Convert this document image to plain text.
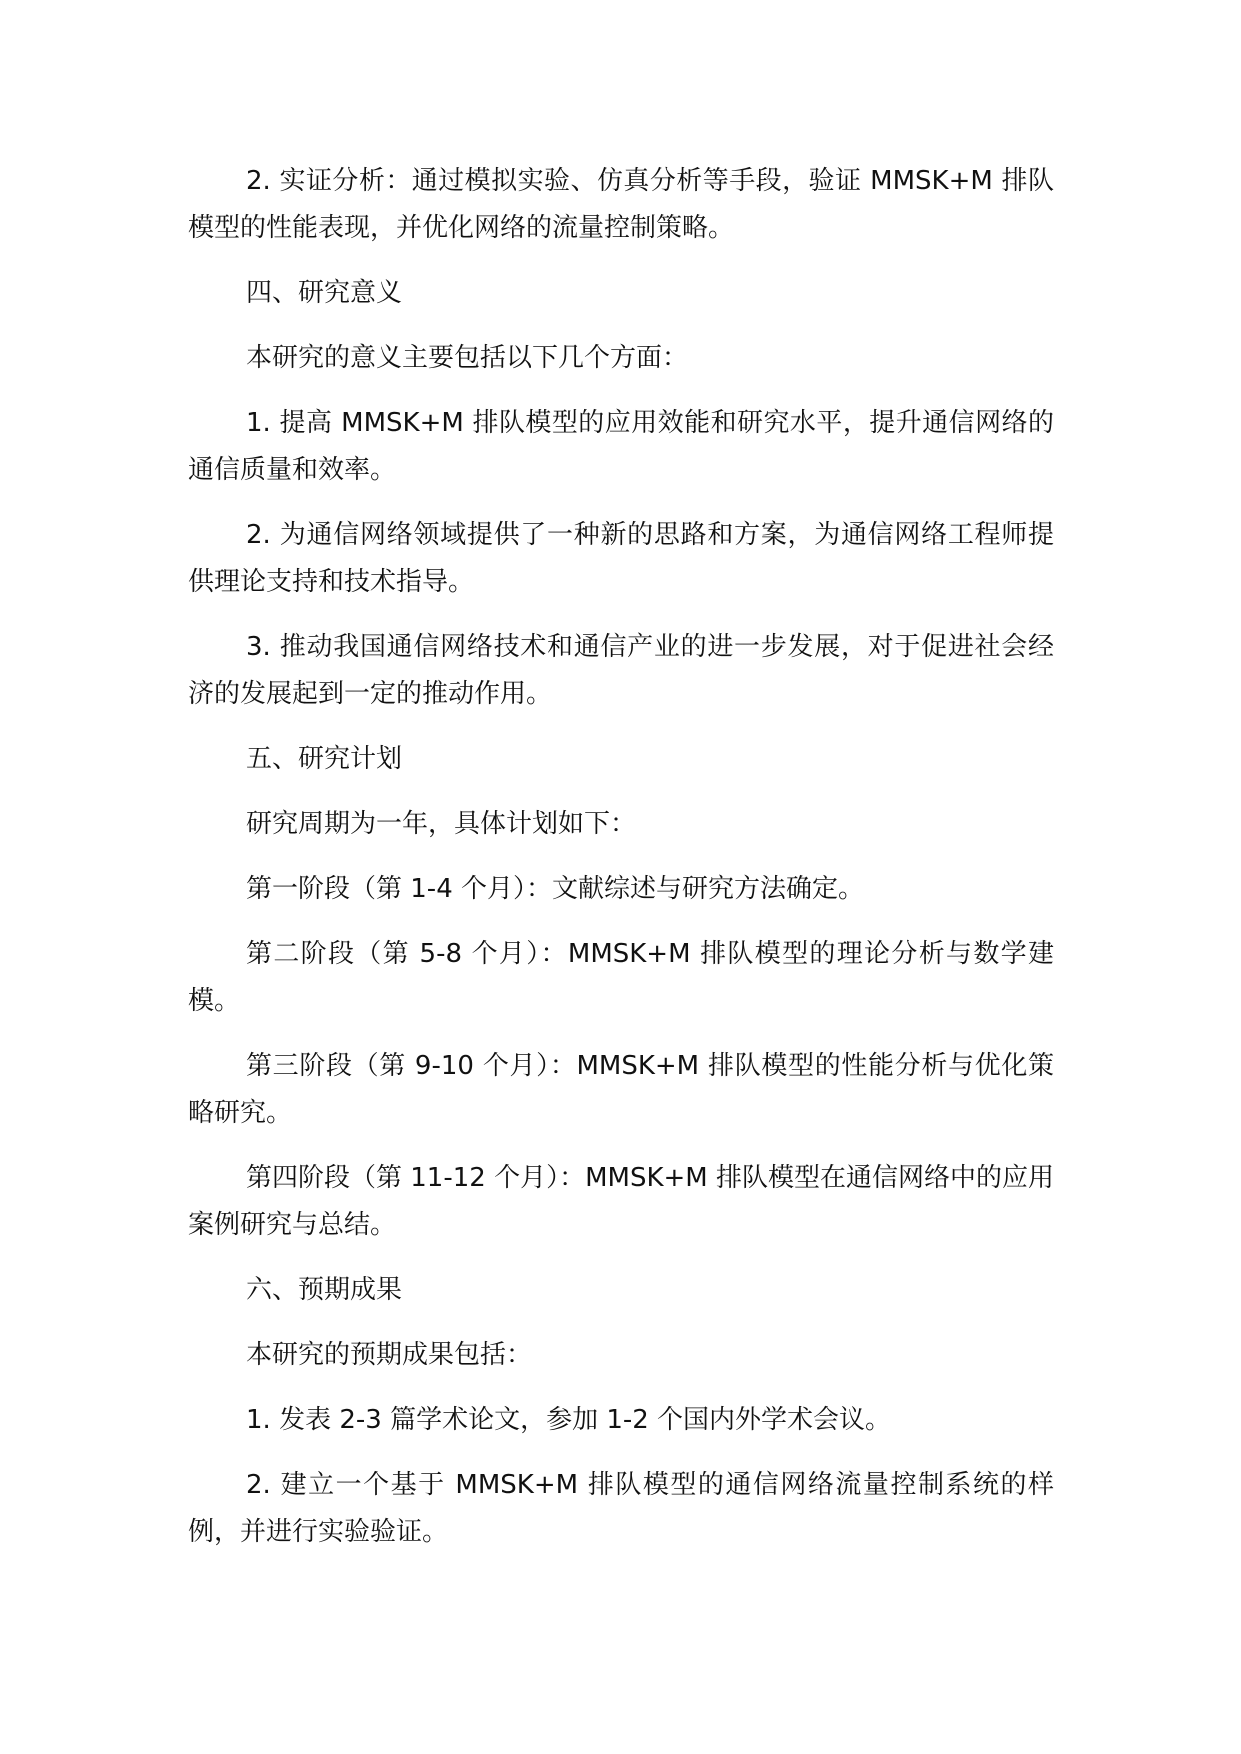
2. 实证分析：通过模拟实验、仿真分析等手段，验证 MMSK+M 排队模型的性能表现，并优化网络的流量控制策略。

四、研究意义

本研究的意义主要包括以下几个方面：

1. 提高 MMSK+M 排队模型的应用效能和研究水平，提升通信网络的通信质量和效率。

2. 为通信网络领域提供了一种新的思路和方案，为通信网络工程师提供理论支持和技术指导。

3. 推动我国通信网络技术和通信产业的进一步发展，对于促进社会经济的发展起到一定的推动作用。

五、研究计划

研究周期为一年，具体计划如下：

第一阶段（第 1-4 个月）：文献综述与研究方法确定。

第二阶段（第 5-8 个月）：MMSK+M 排队模型的理论分析与数学建模。

第三阶段（第 9-10 个月）：MMSK+M 排队模型的性能分析与优化策略研究。

第四阶段（第 11-12 个月）：MMSK+M 排队模型在通信网络中的应用案例研究与总结。

六、预期成果

本研究的预期成果包括：

1. 发表 2-3 篇学术论文，参加 1-2 个国内外学术会议。

2. 建立一个基于 MMSK+M 排队模型的通信网络流量控制系统的样例，并进行实验验证。
